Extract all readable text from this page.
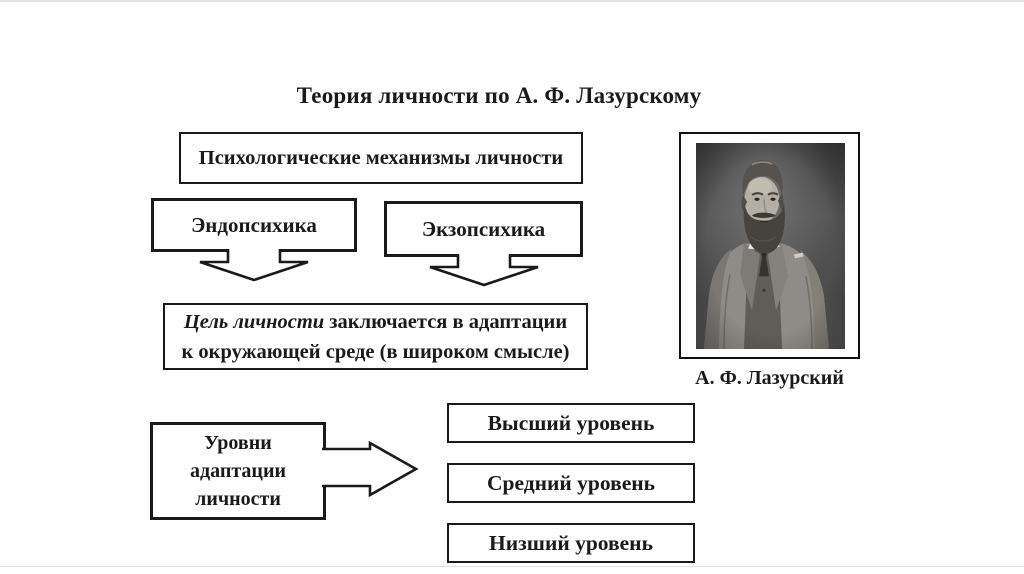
Теория личности по А. Ф. Лазурскому
Психологические механизмы личности
Эндопсихика	Экзопсихика
Цель личности заключается в адаптации
к окружающей среде (в широком смысле)
Уровни адаптации личности
Высший уровень
Средний уровень
Низший уровень
А. Ф. Лазурский
